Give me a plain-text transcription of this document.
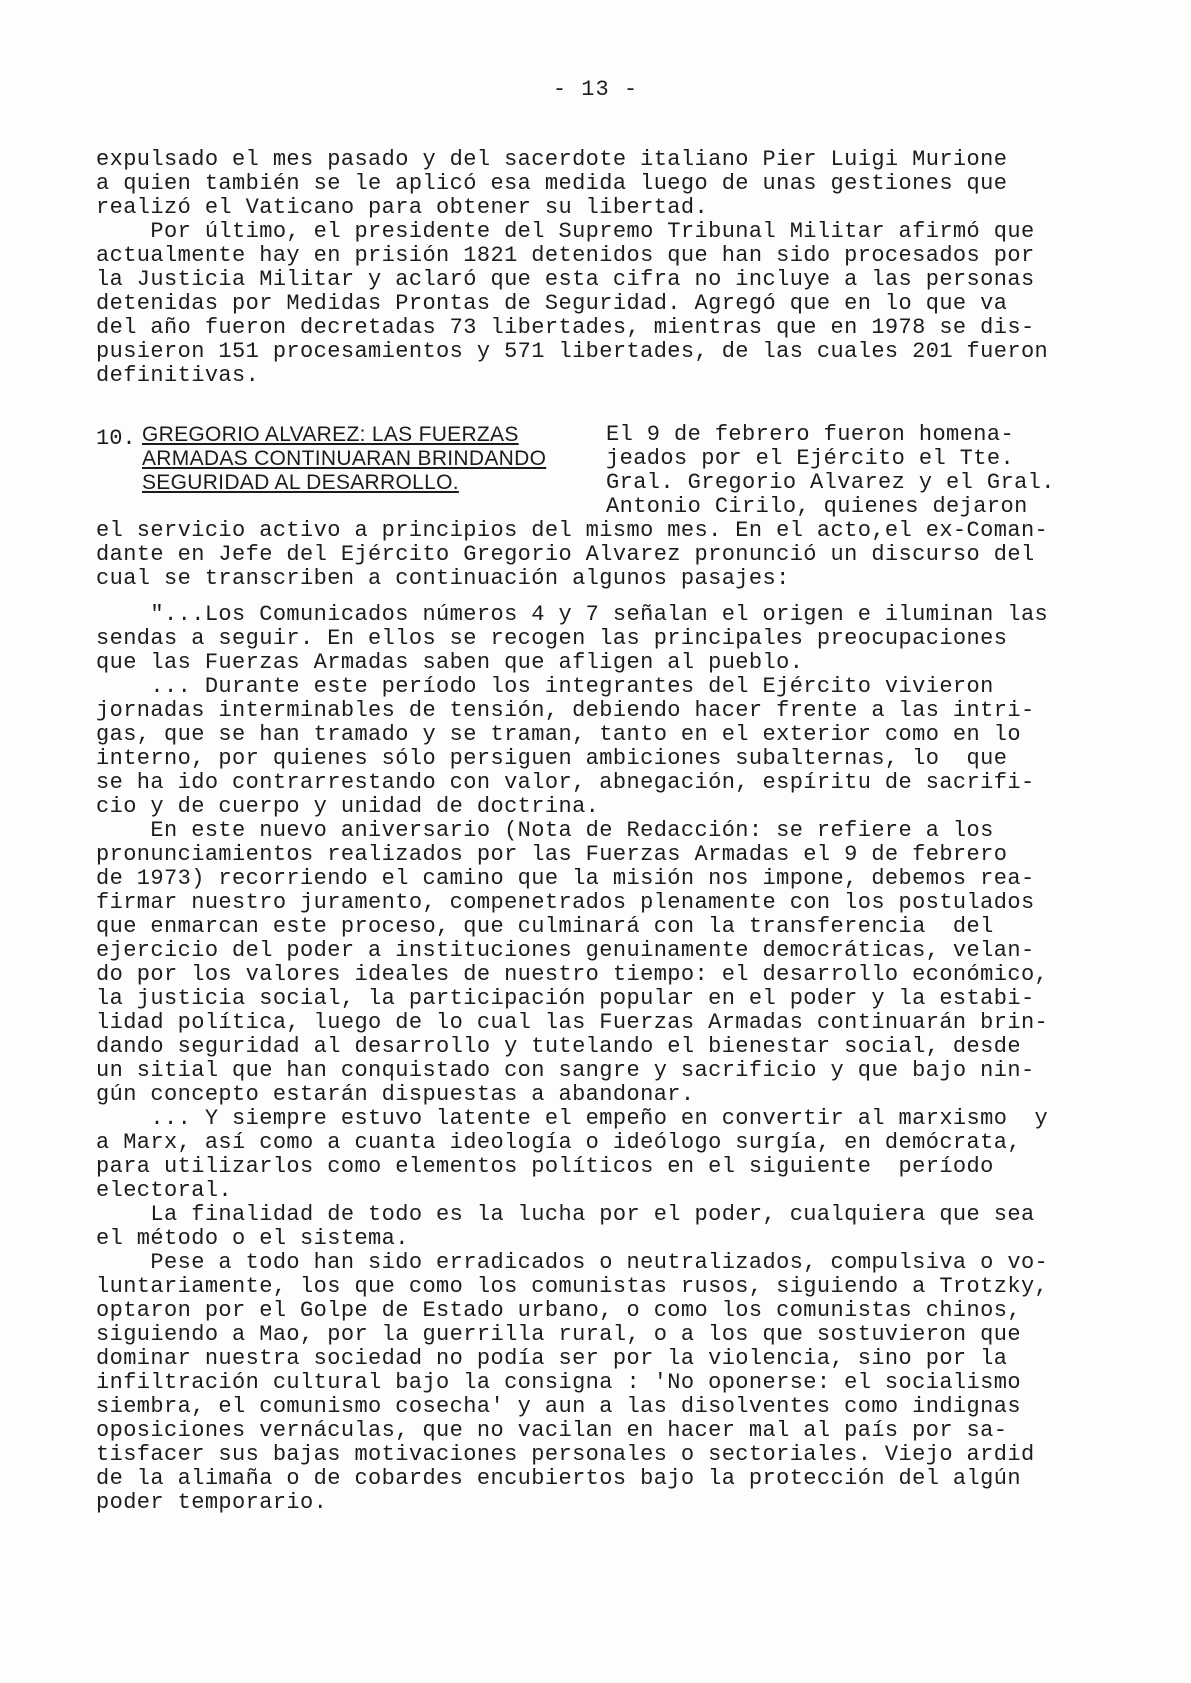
- 13 -
expulsado el mes pasado y del sacerdote italiano Pier Luigi Murione
a quien también se le aplicó esa medida luego de unas gestiones que
realizó el Vaticano para obtener su libertad.
Por último, el presidente del Supremo Tribunal Militar afirmó que
actualmente hay en prisión 1821 detenidos que han sido procesados por
la Justicia Militar y aclaró que esta cifra no incluye a las personas
detenidas por Medidas Prontas de Seguridad. Agregó que en lo que va
del año fueron decretadas 73 libertades, mientras que en 1978 se dis-
pusieron 151 procesamientos y 571 libertades, de las cuales 201 fueron
definitivas.
10. GREGORIO ALVAREZ: LAS FUERZAS
ARMADAS CONTINUARAN BRINDANDO
SEGURIDAD AL DESARROLLO.
El 9 de febrero fueron homena-
jeados por el Ejército el Tte.
Gral. Gregorio Alvarez y el Gral.
Antonio Cirilo, quienes dejaron
el servicio activo a principios del mismo mes. En el acto,el ex-Coman-
dante en Jefe del Ejército Gregorio Alvarez pronunció un discurso del
cual se transcriben a continuación algunos pasajes:
"...Los Comunicados números 4 y 7 señalan el origen e iluminan las
sendas a seguir. En ellos se recogen las principales preocupaciones
que las Fuerzas Armadas saben que afligen al pueblo.
... Durante este período los integrantes del Ejército vivieron
jornadas interminables de tensión, debiendo hacer frente a las intri-
gas, que se han tramado y se traman, tanto en el exterior como en lo
interno, por quienes sólo persiguen ambiciones subalternas, lo  que
se ha ido contrarrestando con valor, abnegación, espíritu de sacrifi-
cio y de cuerpo y unidad de doctrina.
En este nuevo aniversario (Nota de Redacción: se refiere a los
pronunciamientos realizados por las Fuerzas Armadas el 9 de febrero
de 1973) recorriendo el camino que la misión nos impone, debemos rea-
firmar nuestro juramento, compenetrados plenamente con los postulados
que enmarcan este proceso, que culminará con la transferencia  del
ejercicio del poder a instituciones genuinamente democráticas, velan-
do por los valores ideales de nuestro tiempo: el desarrollo económico,
la justicia social, la participación popular en el poder y la estabi-
lidad política, luego de lo cual las Fuerzas Armadas continuarán brin-
dando seguridad al desarrollo y tutelando el bienestar social, desde
un sitial que han conquistado con sangre y sacrificio y que bajo nin-
gún concepto estarán dispuestas a abandonar.
... Y siempre estuvo latente el empeño en convertir al marxismo  y
a Marx, así como a cuanta ideología o ideólogo surgía, en demócrata,
para utilizarlos como elementos políticos en el siguiente  período
electoral.
La finalidad de todo es la lucha por el poder, cualquiera que sea
el método o el sistema.
Pese a todo han sido erradicados o neutralizados, compulsiva o vo-
luntariamente, los que como los comunistas rusos, siguiendo a Trotzky,
optaron por el Golpe de Estado urbano, o como los comunistas chinos,
siguiendo a Mao, por la guerrilla rural, o a los que sostuvieron que
dominar nuestra sociedad no podía ser por la violencia, sino por la
infiltración cultural bajo la consigna : 'No oponerse: el socialismo
siembra, el comunismo cosecha' y aun a las disolventes como indignas
oposiciones vernáculas, que no vacilan en hacer mal al país por sa-
tisfacer sus bajas motivaciones personales o sectoriales. Viejo ardid
de la alimaña o de cobardes encubiertos bajo la protección del algún
poder temporario.
